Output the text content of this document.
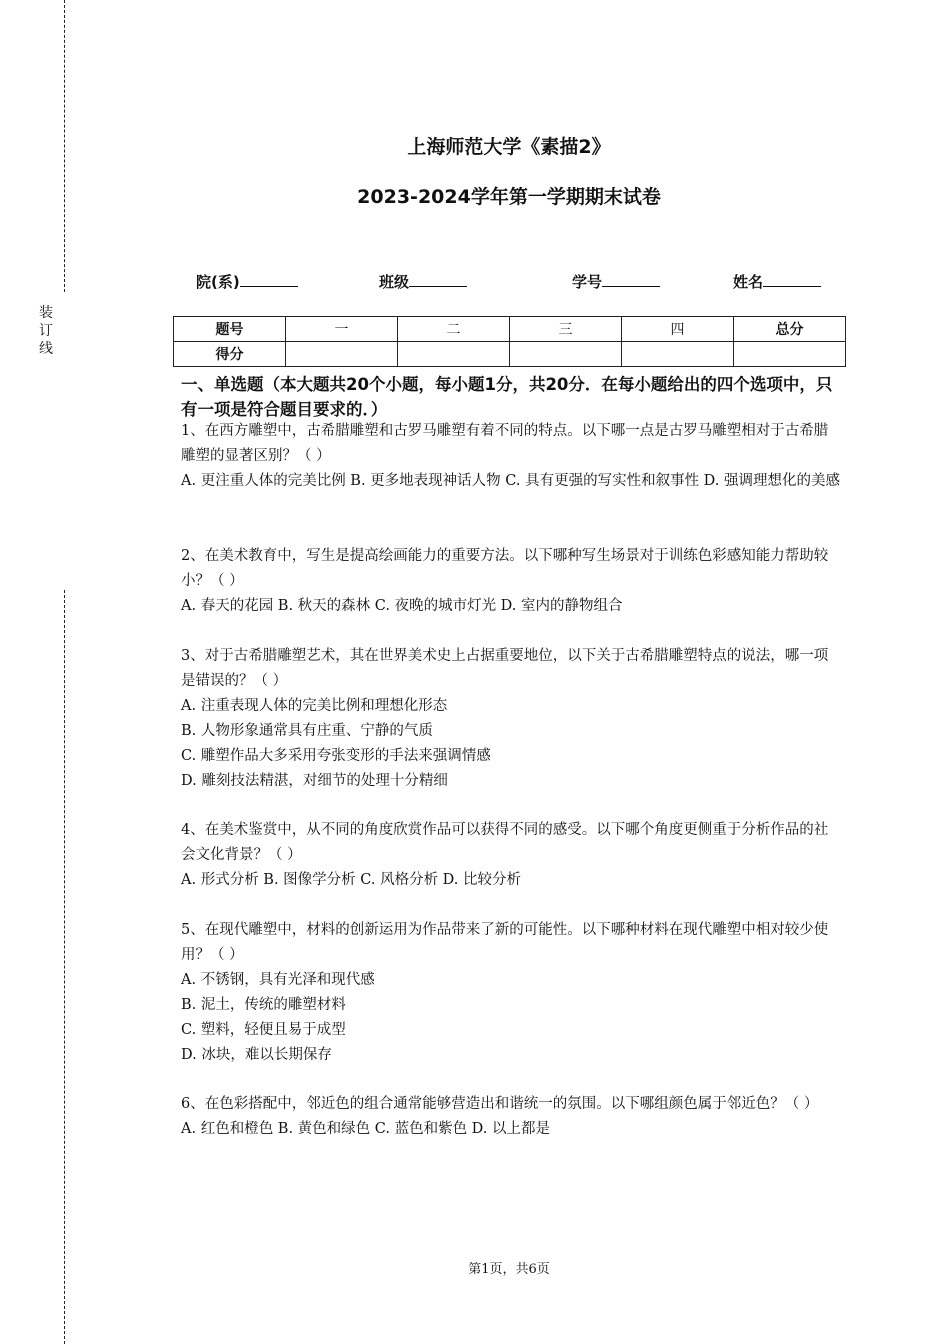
装
订
线
上海师范大学《素描2》
2023-2024学年第一学期期末试卷
院(系)	班级	学号	姓名
题号	一	二	三	四	总分
得分					
一、单选题（本大题共20个小题，每小题1分，共20分．在每小题给出的四个选项中，只有一项是符合题目要求的．）

1、在西方雕塑中，古希腊雕塑和古罗马雕塑有着不同的特点。以下哪一点是古罗马雕塑相对于古希腊雕塑的显著区别？（ ）

A. 更注重人体的完美比例 B. 更多地表现神话人物 C. 具有更强的写实性和叙事性 D. 强调理想化的美感

2、在美术教育中，写生是提高绘画能力的重要方法。以下哪种写生场景对于训练色彩感知能力帮助较小？（ ）

A. 春天的花园 B. 秋天的森林 C. 夜晚的城市灯光 D. 室内的静物组合

3、对于古希腊雕塑艺术，其在世界美术史上占据重要地位，以下关于古希腊雕塑特点的说法，哪一项是错误的？（ ）

A. 注重表现人体的完美比例和理想化形态

B. 人物形象通常具有庄重、宁静的气质

C. 雕塑作品大多采用夸张变形的手法来强调情感

D. 雕刻技法精湛，对细节的处理十分精细

4、在美术鉴赏中，从不同的角度欣赏作品可以获得不同的感受。以下哪个角度更侧重于分析作品的社会文化背景？（ ）

A. 形式分析 B. 图像学分析 C. 风格分析 D. 比较分析

5、在现代雕塑中，材料的创新运用为作品带来了新的可能性。以下哪种材料在现代雕塑中相对较少使用？（ ）

A. 不锈钢，具有光泽和现代感

B. 泥土，传统的雕塑材料

C. 塑料，轻便且易于成型

D. 冰块，难以长期保存

6、在色彩搭配中，邻近色的组合通常能够营造出和谐统一的氛围。以下哪组颜色属于邻近色？（ ）

A. 红色和橙色 B. 黄色和绿色 C. 蓝色和紫色 D. 以上都是

第1页，共6页
